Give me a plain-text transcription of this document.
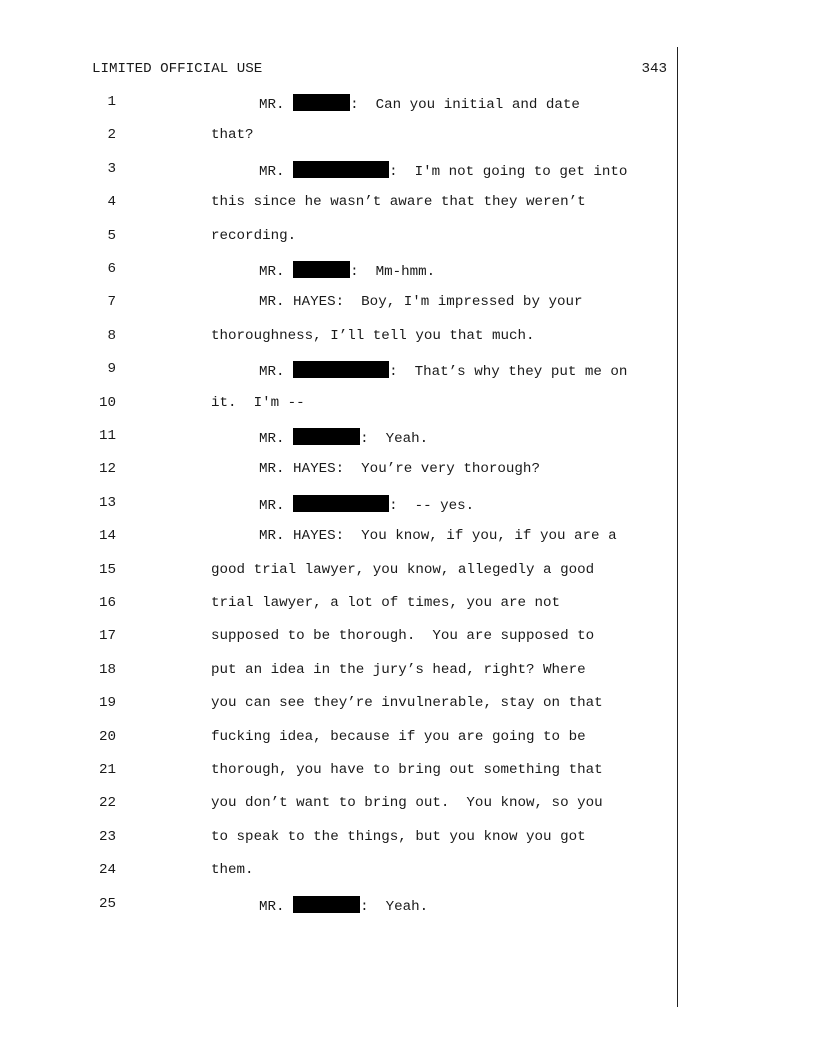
LIMITED OFFICIAL USE	343
1	MR.	:  Can you initial and date
2	that?
3	MR.	:  I'm not going to get into
4	this since he wasn’t aware that they weren’t
5	recording.
6	MR.	:  Mm-hmm.
7	MR. HAYES:  Boy, I'm impressed by your
8	thoroughness, I’ll tell you that much.
9	MR.	:  That’s why they put me on
10	it.  I'm --
11	MR.	:  Yeah.
12	MR. HAYES:  You’re very thorough?
13	MR.	:  -- yes.
14	MR. HAYES:  You know, if you, if you are a
15	good trial lawyer, you know, allegedly a good
16	trial lawyer, a lot of times, you are not
17	supposed to be thorough.  You are supposed to
18	put an idea in the jury’s head, right? Where
19	you can see they’re invulnerable, stay on that
20	fucking idea, because if you are going to be
21	thorough, you have to bring out something that
22	you don’t want to bring out.  You know, so you
23	to speak to the things, but you know you got
24	them.
25	MR.	:  Yeah.
